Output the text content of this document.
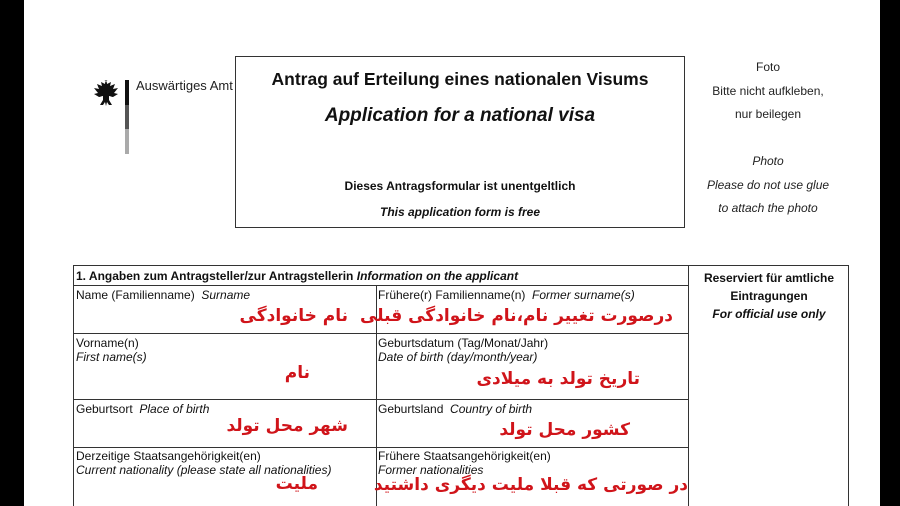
Auswärtiges Amt	Antrag auf Erteilung eines nationalen Visums
Application for a national visa
Dieses Antragsformular ist unentgeltlich
This application form is free
Foto
Bitte nicht aufkleben,
nur beilegen
Photo
Please do not use glue
to attach the photo
1. Angaben zum Antragsteller/zur Antragstellerin Information on the applicant	Reserviert für amtliche
Eintragungen
For official use only
Name (Familienname) Surname
نام خانوادگی
Frühere(r) Familienname(n) Former surname(s)
درصورت تغییر نام،نام خانوادگی قبلی
Vorname(n)
First name(s)
نام
Geburtsdatum (Tag/Monat/Jahr)
Date of birth (day/month/year)
تاریخ تولد به میلادی
Geburtsort Place of birth
شهر محل تولد
Geburtsland Country of birth
کشور محل تولد
Derzeitige Staatsangehörigkeit(en)
Current nationality (please state all nationalities)
ملیت
Frühere Staatsangehörigkeit(en)
Former nationalities
در صورتی که قبلا ملیت دیگری داشتید
